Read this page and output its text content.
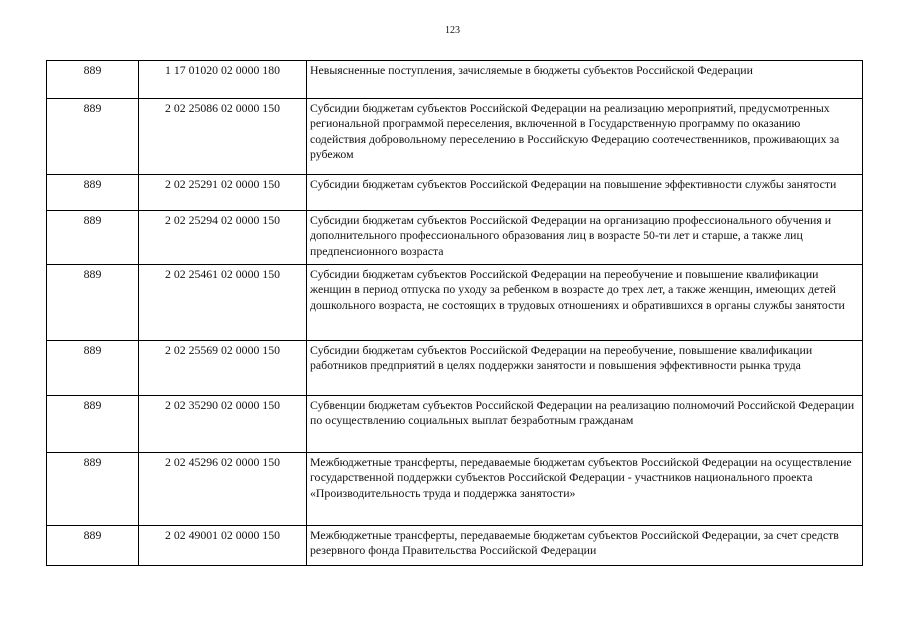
123
889	1 17 01020 02 0000 180	Невыясненные поступления, зачисляемые в бюджеты субъектов Российской Федерации
889	2 02 25086 02 0000 150	Субсидии бюджетам субъектов Российской Федерации на реализацию мероприятий, предусмотренных региональной программой переселения, включенной в Государственную программу по оказанию содействия добровольному переселению в Российскую Федерацию соотечественников, проживающих за рубежом
889	2 02 25291 02 0000 150	Субсидии бюджетам субъектов Российской Федерации на повышение эффективности службы занятости
889	2 02 25294 02 0000 150	Субсидии бюджетам субъектов Российской Федерации на организацию профессионального обучения и дополнительного профессионального образования лиц в возрасте 50-ти лет и старше, а также лиц предпенсионного возраста
889	2 02 25461 02 0000 150	Субсидии бюджетам субъектов Российской Федерации на переобучение и повышение квалификации женщин в период отпуска по уходу за ребенком в возрасте до трех лет, а также женщин, имеющих детей дошкольного возраста, не состоящих в трудовых отношениях и обратившихся в органы службы занятости
889	2 02 25569 02 0000 150	Субсидии бюджетам субъектов Российской Федерации на переобучение, повышение квалификации работников предприятий в целях поддержки занятости и повышения эффективности рынка труда
889	2 02 35290 02 0000 150	Субвенции бюджетам субъектов Российской Федерации на реализацию полномочий Российской Федерации по осуществлению социальных выплат безработным гражданам
889	2 02 45296 02 0000 150	Межбюджетные трансферты, передаваемые бюджетам субъектов Российской Федерации на осуществление государственной поддержки субъектов Российской Федерации - участников национального проекта «Производительность труда и поддержка занятости»
889	2 02 49001 02 0000 150	Межбюджетные трансферты, передаваемые бюджетам субъектов Российской Федерации, за счет средств резервного фонда Правительства Российской Федерации
